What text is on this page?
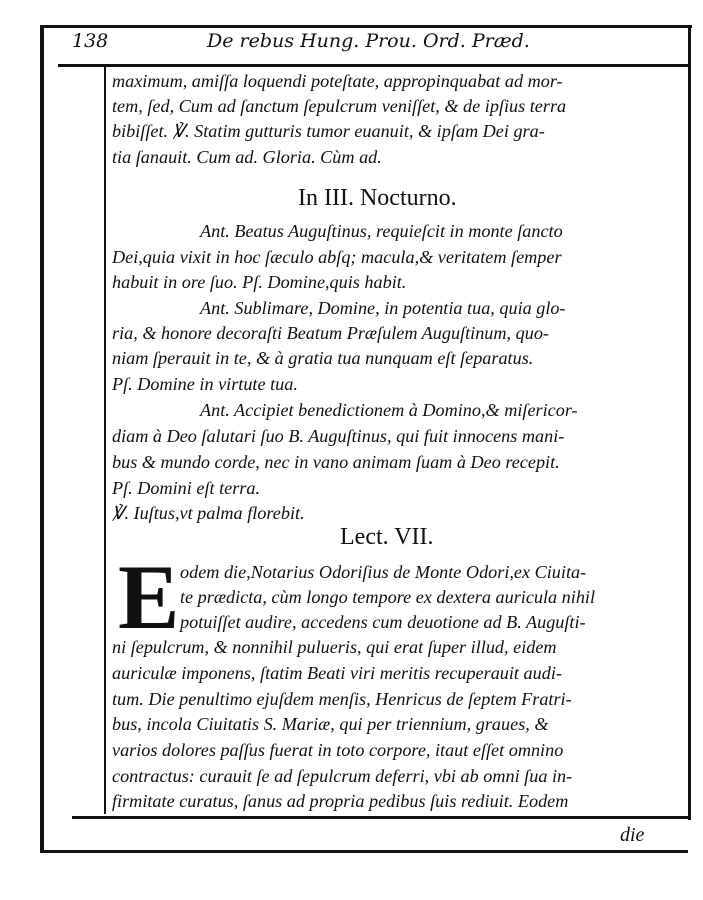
138	De rebus Hung. Prou. Ord. Præd.
maximum, amiſſa loquendi poteſtate, appropinquabat ad mor-
tem, ſed, Cum ad ſanctum ſepulcrum veniſſet, & de ipſius terra
bibiſſet. ℣. Statim gutturis tumor euanuit, & ipſam Dei gra-
tia ſanauit. Cum ad. Gloria. Cùm ad.
In III. Nocturno.
Ant. Beatus Auguſtinus, requieſcit in monte ſancto
Dei,quia vixit in hoc ſæculo abſq; macula,& veritatem ſemper
habuit in ore ſuo. Pſ. Domine,quis habit.
Ant. Sublimare, Domine, in potentia tua, quia glo-
ria, & honore decoraſti Beatum Præſulem Auguſtinum, quo-
niam ſperauit in te, & à gratia tua nunquam eſt ſeparatus.
Pſ. Domine in virtute tua.
Ant. Accipiet benedictionem à Domino,& miſericor-
diam à Deo ſalutari ſuo B. Auguſtinus, qui fuit innocens mani-
bus & mundo corde, nec in vano animam ſuam à Deo recepit.
Pſ. Domini eſt terra.
℣. Iuſtus,vt palma florebit.
Lect. VII.
E odem die,Notarius Odoriſius de Monte Odori,ex Ciuita-
te prædicta, cùm longo tempore ex dextera auricula nihil
potuiſſet audire, accedens cum deuotione ad B. Auguſti-
ni ſepulcrum, & nonnihil pulueris, qui erat ſuper illud, eidem
auriculæ imponens, ſtatim Beati viri meritis recuperauit audi-
tum. Die penultimo ejuſdem menſis, Henricus de ſeptem Fratri-
bus, incola Ciuitatis S. Mariæ, qui per triennium, graues, &
varios dolores paſſus fuerat in toto corpore, itaut eſſet omnino
contractus: curauit ſe ad ſepulcrum deferri, vbi ab omni ſua in-
firmitate curatus, ſanus ad propria pedibus ſuis rediuit. Eodem
die
